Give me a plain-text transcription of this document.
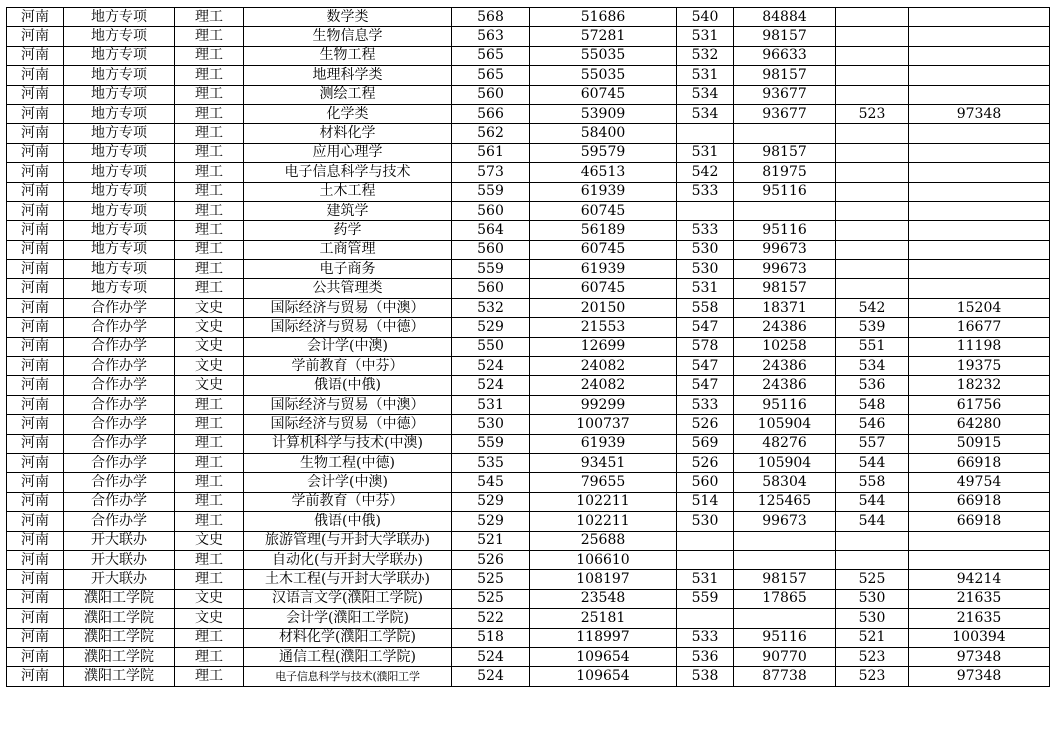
河南	地方专项	理工	数学类	568	51686	540	84884		
河南	地方专项	理工	生物信息学	563	57281	531	98157		
河南	地方专项	理工	生物工程	565	55035	532	96633		
河南	地方专项	理工	地理科学类	565	55035	531	98157		
河南	地方专项	理工	测绘工程	560	60745	534	93677		
河南	地方专项	理工	化学类	566	53909	534	93677	523	97348
河南	地方专项	理工	材料化学	562	58400				
河南	地方专项	理工	应用心理学	561	59579	531	98157		
河南	地方专项	理工	电子信息科学与技术	573	46513	542	81975		
河南	地方专项	理工	土木工程	559	61939	533	95116		
河南	地方专项	理工	建筑学	560	60745				
河南	地方专项	理工	药学	564	56189	533	95116		
河南	地方专项	理工	工商管理	560	60745	530	99673		
河南	地方专项	理工	电子商务	559	61939	530	99673		
河南	地方专项	理工	公共管理类	560	60745	531	98157		
河南	合作办学	文史	国际经济与贸易（中澳）	532	20150	558	18371	542	15204
河南	合作办学	文史	国际经济与贸易（中德）	529	21553	547	24386	539	16677
河南	合作办学	文史	会计学(中澳)	550	12699	578	10258	551	11198
河南	合作办学	文史	学前教育（中芬）	524	24082	547	24386	534	19375
河南	合作办学	文史	俄语(中俄)	524	24082	547	24386	536	18232
河南	合作办学	理工	国际经济与贸易（中澳）	531	99299	533	95116	548	61756
河南	合作办学	理工	国际经济与贸易（中德）	530	100737	526	105904	546	64280
河南	合作办学	理工	计算机科学与技术(中澳)	559	61939	569	48276	557	50915
河南	合作办学	理工	生物工程(中德)	535	93451	526	105904	544	66918
河南	合作办学	理工	会计学(中澳)	545	79655	560	58304	558	49754
河南	合作办学	理工	学前教育（中芬）	529	102211	514	125465	544	66918
河南	合作办学	理工	俄语(中俄)	529	102211	530	99673	544	66918
河南	开大联办	文史	旅游管理(与开封大学联办)	521	25688				
河南	开大联办	理工	自动化(与开封大学联办)	526	106610				
河南	开大联办	理工	土木工程(与开封大学联办)	525	108197	531	98157	525	94214
河南	濮阳工学院	文史	汉语言文学(濮阳工学院)	525	23548	559	17865	530	21635
河南	濮阳工学院	文史	会计学(濮阳工学院)	522	25181			530	21635
河南	濮阳工学院	理工	材料化学(濮阳工学院)	518	118997	533	95116	521	100394
河南	濮阳工学院	理工	通信工程(濮阳工学院)	524	109654	536	90770	523	97348
河南	濮阳工学院	理工	电子信息科学与技术(濮阳工学	524	109654	538	87738	523	97348
